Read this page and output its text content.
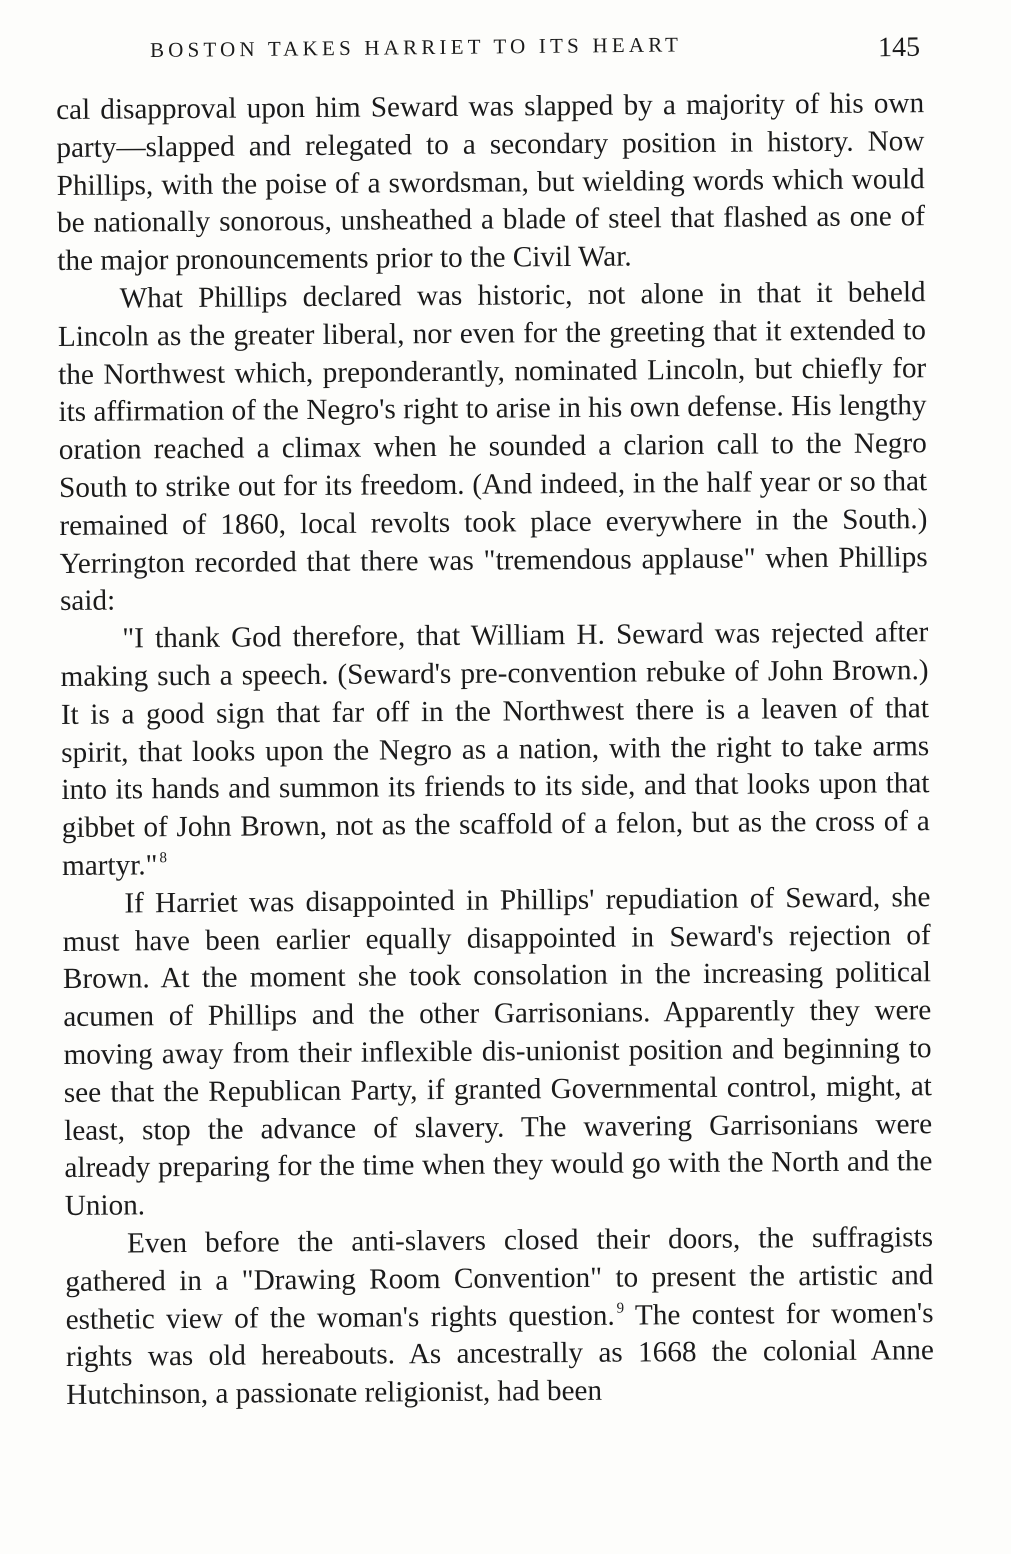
BOSTON TAKES HARRIET TO ITS HEART	145

cal disapproval upon him Seward was slapped by a majority of his own party—slapped and relegated to a secondary position in history. Now Phillips, with the poise of a swordsman, but wielding words which would be nationally sonorous, unsheathed a blade of steel that flashed as one of the major pronouncements prior to the Civil War.

What Phillips declared was historic, not alone in that it beheld Lincoln as the greater liberal, nor even for the greeting that it extended to the Northwest which, preponderantly, nominated Lincoln, but chiefly for its affirmation of the Negro's right to arise in his own defense. His lengthy oration reached a climax when he sounded a clarion call to the Negro South to strike out for its freedom. (And indeed, in the half year or so that remained of 1860, local revolts took place everywhere in the South.) Yerrington recorded that there was "tremendous applause" when Phillips said:

"I thank God therefore, that William H. Seward was rejected after making such a speech. (Seward's pre-convention rebuke of John Brown.) It is a good sign that far off in the Northwest there is a leaven of that spirit, that looks upon the Negro as a nation, with the right to take arms into its hands and summon its friends to its side, and that looks upon that gibbet of John Brown, not as the scaffold of a felon, but as the cross of a martyr." $^8$

If Harriet was disappointed in Phillips' repudiation of Seward, she must have been earlier equally disappointed in Seward's rejection of Brown. At the moment she took consolation in the increasing political acumen of Phillips and the other Garrisonians. Apparently they were moving away from their inflexible dis-unionist position and beginning to see that the Republican Party, if granted Governmental control, might, at least, stop the advance of slavery. The wavering Garrisonians were already preparing for the time when they would go with the North and the Union.

Even before the anti-slavers closed their doors, the suffragists gathered in a "Drawing Room Convention" to present the artistic and esthetic view of the woman's rights question. $^9$ The contest for women's rights was old hereabouts. As ancestrally as 1668 the colonial Anne Hutchinson, a passionate religionist, had been
